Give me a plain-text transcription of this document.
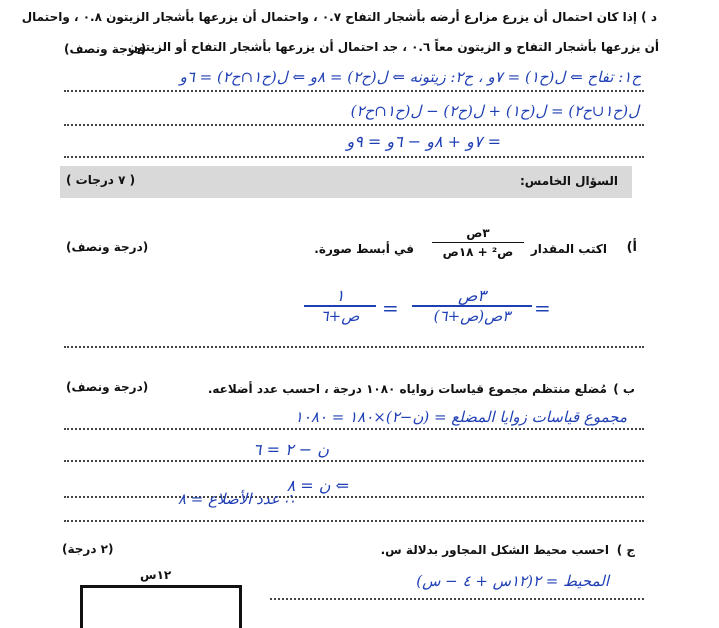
د ) إذا كان احتمال أن يزرع مزارع أرضه بأشجار التفاح ٠.٧ ، واحتمال أن يزرعها بأشجار الزيتون ٠.٨ ، واحتمال
أن يزرعها بأشجار التفاح و الزيتون معاً ٠.٦ ، جد احتمال أن يزرعها بأشجار التفاح أو الزيتون.
(درجة ونصف)
ح١: تفاح ⇐ ل(ح١) = ٧و ، ح٢: زيتونه ⇐ ل(ح٢) = ٨و ⇐ ل(ح١∩ح٢) = ٦و
ل(ح١∪ح٢) = ل(ح١) + ل(ح٢) − ل(ح١∩ح٢)
= ٧و + ٨و − ٦و = ٩و
السؤال الخامس:
( ٧ درجات )
أ)
اكتب المقدار
٣ص
ص² + ١٨ص
في أبسط صورة.
(درجة ونصف)
=
٣ص
٣ص(ص+٦)
=
١
ص+٦
ب )
مُضلع منتظم مجموع قياسات زواياه ١٠٨٠ درجة ، احسب عدد أضلاعه.
(درجة ونصف)
مجموع قياسات زوايا المضلع = (ن−٢)×١٨٠ = ١٠٨٠
ن − ٢ = ٦
⇐ ن = ٨
∴ عدد الأضلاع = ٨
ج )
احسب محيط الشكل المجاور بدلالة س.
(٢ درجة)
١٢س	المحيط = ٢(١٢س + ٤ − س)
